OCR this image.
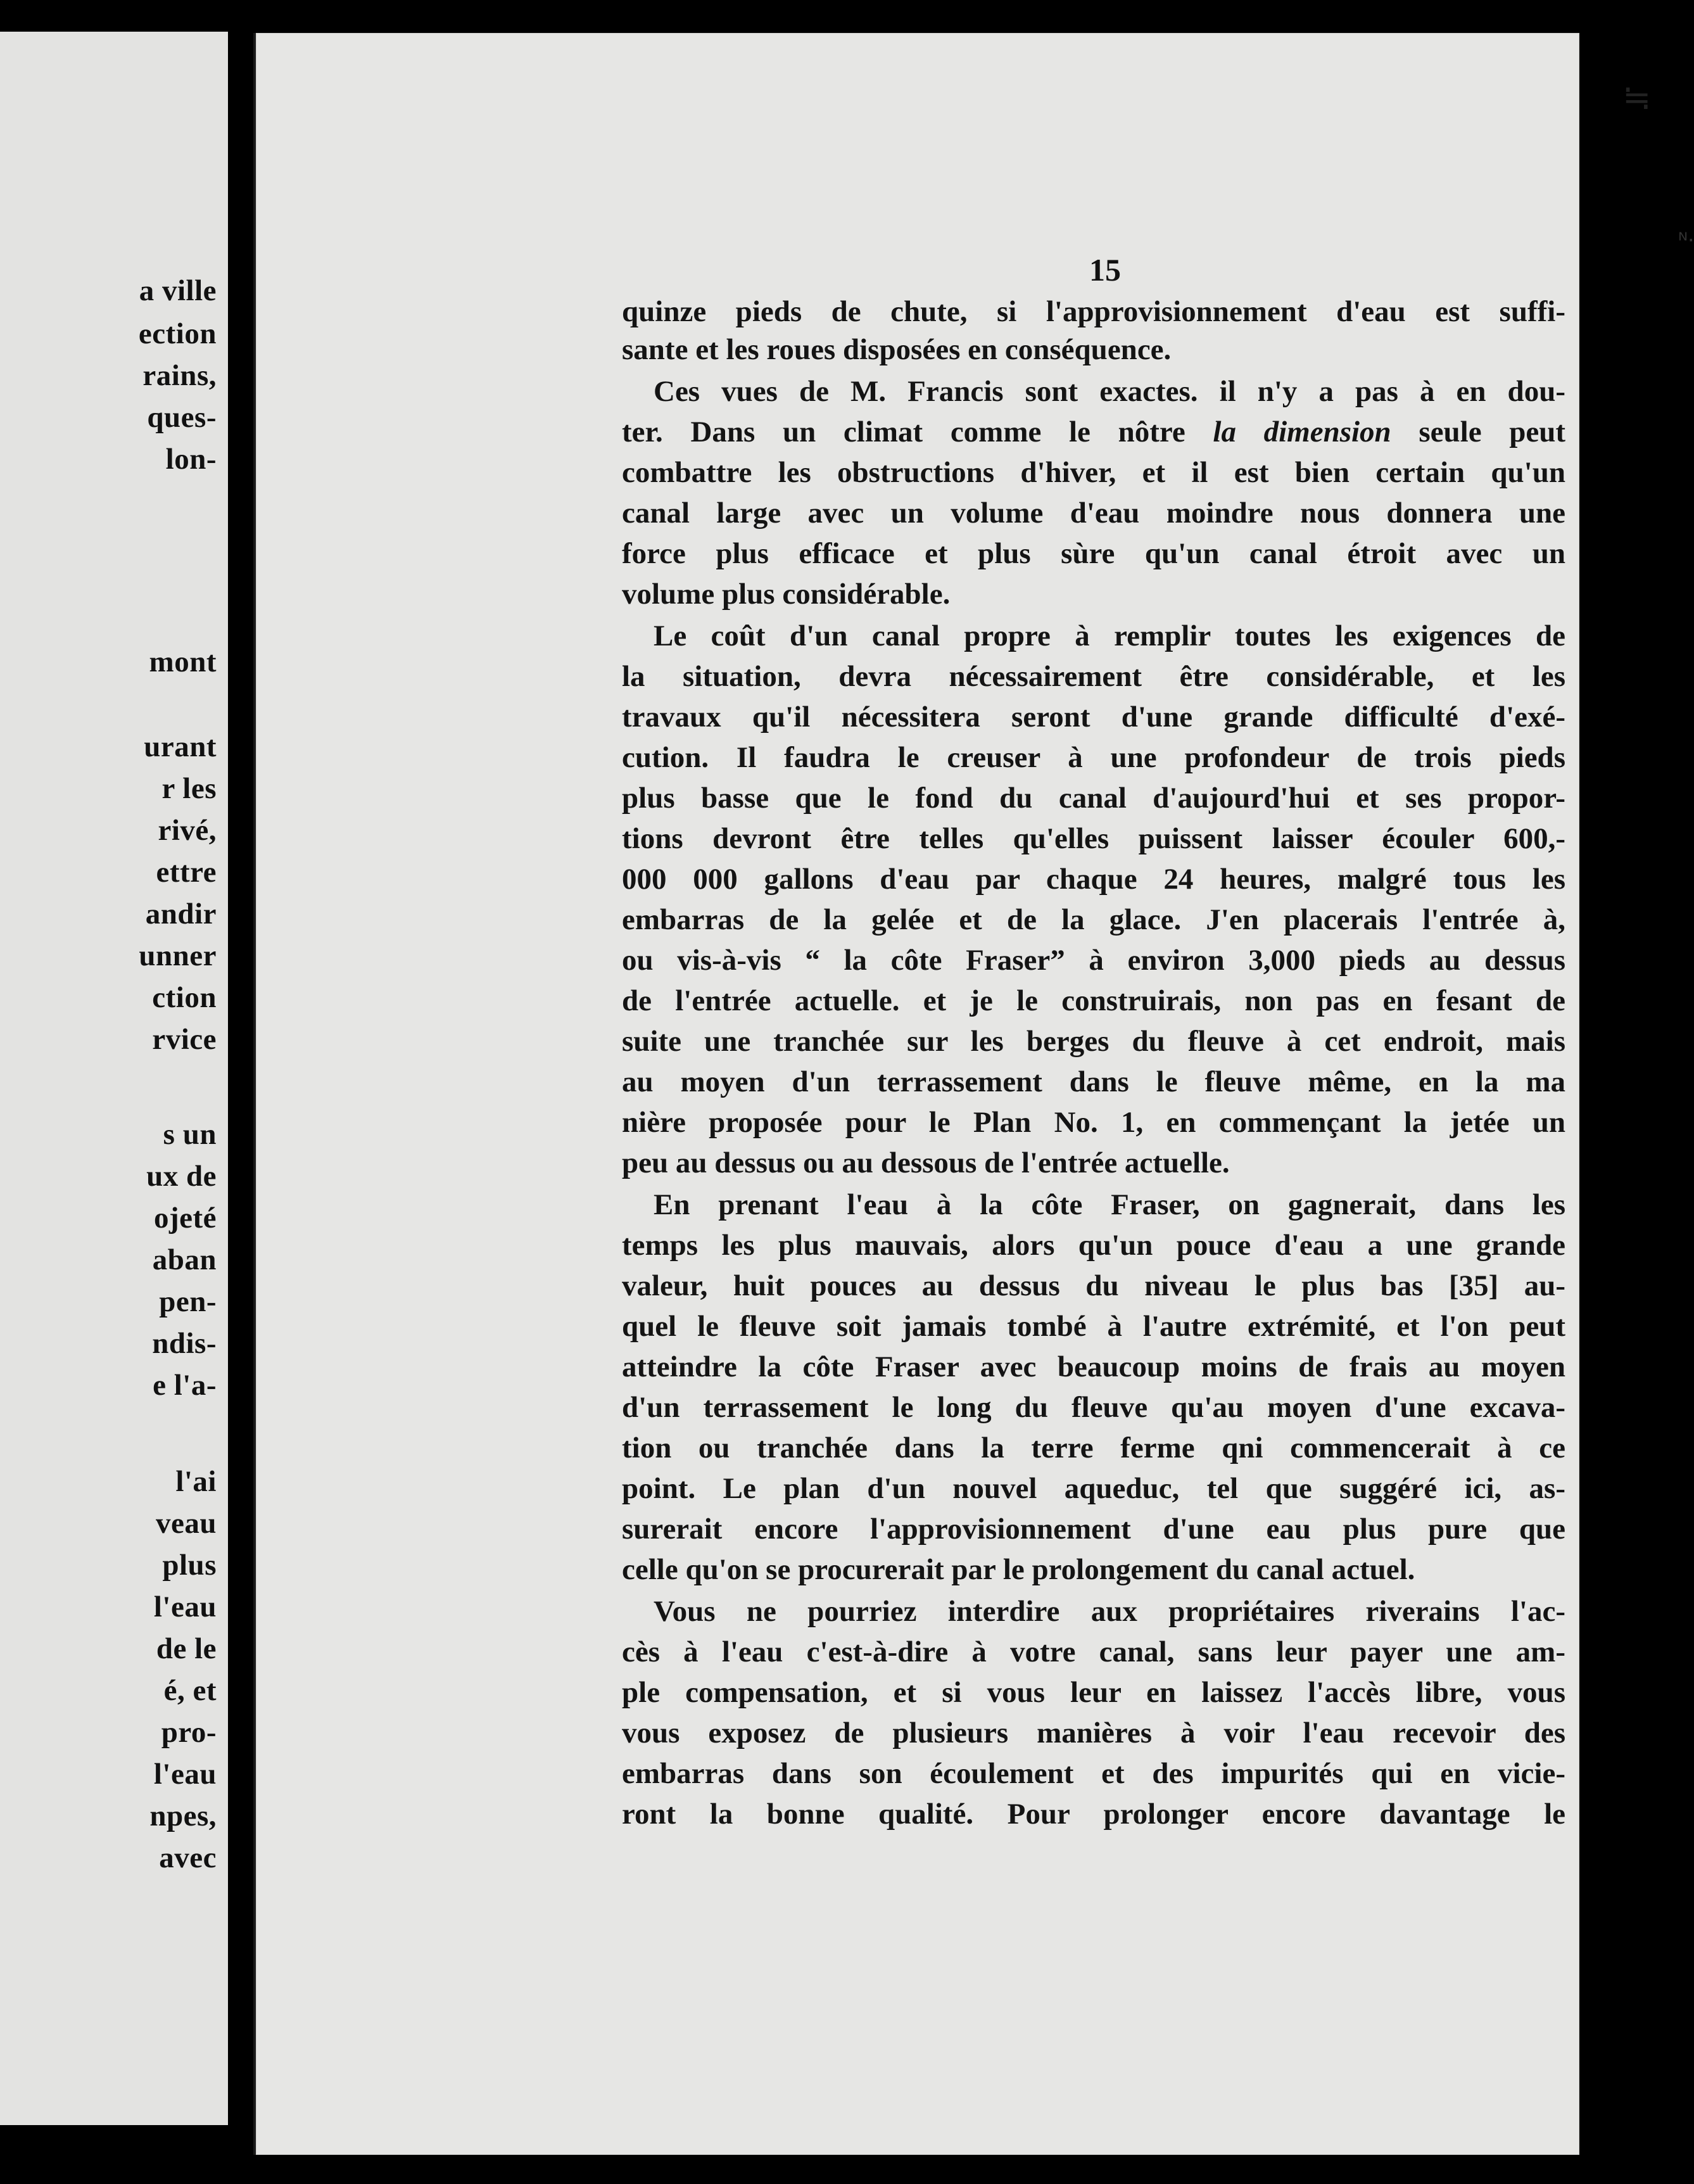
a ville
ection
rains,
ques-
lon-
mont
urant
r les
rivé,
ettre
andir
unner
ction
rvice
s un
ux de
ojeté
aban
pen-
ndis-
e l'a-
l'ai
veau
plus
l'eau
de le
é, et
pro-
l'eau
npes,
avec
≒
ᴺ·
15
quinze pieds de chute, si l'approvisionnement d'eau est suffi-
sante et les roues disposées en conséquence.
Ces vues de M. Francis sont exactes. il n'y a pas à en dou-
ter. Dans un climat comme le nôtre la dimension seule peut
combattre les obstructions d'hiver, et il est bien certain qu'un
canal large avec un volume d'eau moindre nous donnera une
force plus efficace et plus sùre qu'un canal étroit avec un
volume plus considérable.
Le coût d'un canal propre à remplir toutes les exigences de
la situation, devra nécessairement être considérable, et les
travaux qu'il nécessitera seront d'une grande difficulté d'exé-
cution. Il faudra le creuser à une profondeur de trois pieds
plus basse que le fond du canal d'aujourd'hui et ses propor-
tions devront être telles qu'elles puissent laisser écouler 600,-
000 000 gallons d'eau par chaque 24 heures, malgré tous les
embarras de la gelée et de la glace. J'en placerais l'entrée à,
ou vis-à-vis “ la côte Fraser” à environ 3,000 pieds au dessus
de l'entrée actuelle. et je le construirais, non pas en fesant de
suite une tranchée sur les berges du fleuve à cet endroit, mais
au moyen d'un terrassement dans le fleuve même, en la ma
nière proposée pour le Plan No. 1, en commençant la jetée un
peu au dessus ou au dessous de l'entrée actuelle.
En prenant l'eau à la côte Fraser, on gagnerait, dans les
temps les plus mauvais, alors qu'un pouce d'eau a une grande
valeur, huit pouces au dessus du niveau le plus bas [35] au-
quel le fleuve soit jamais tombé à l'autre extrémité, et l'on peut
atteindre la côte Fraser avec beaucoup moins de frais au moyen
d'un terrassement le long du fleuve qu'au moyen d'une excava-
tion ou tranchée dans la terre ferme qni commencerait à ce
point. Le plan d'un nouvel aqueduc, tel que suggéré ici, as-
surerait encore l'approvisionnement d'une eau plus pure que
celle qu'on se procurerait par le prolongement du canal actuel.
Vous ne pourriez interdire aux propriétaires riverains l'ac-
cès à l'eau c'est-à-dire à votre canal, sans leur payer une am-
ple compensation, et si vous leur en laissez l'accès libre, vous
vous exposez de plusieurs manières à voir l'eau recevoir des
embarras dans son écoulement et des impurités qui en vicie-
ront la bonne qualité. Pour prolonger encore davantage le
